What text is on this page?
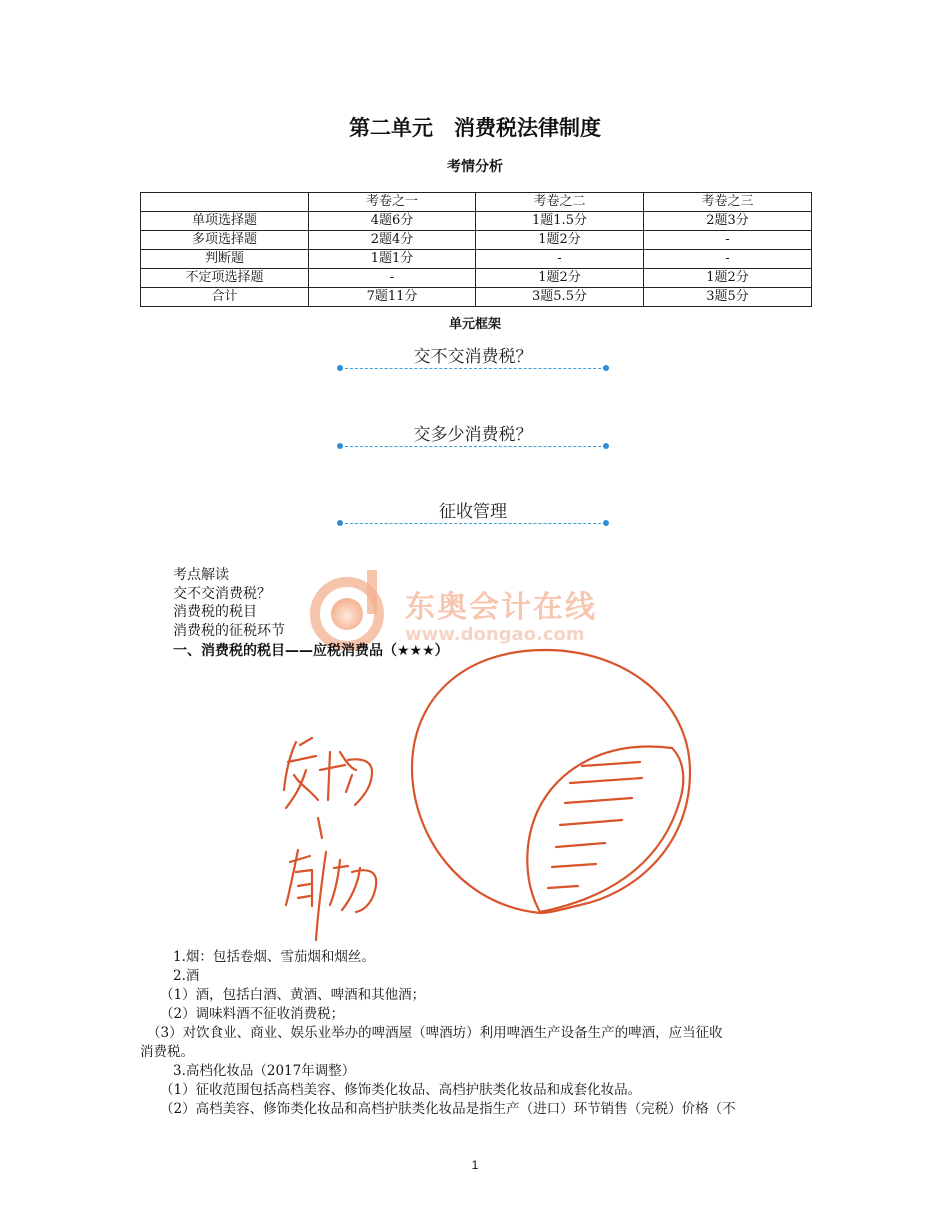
第二单元　消费税法律制度
考情分析
	考卷之一	考卷之二	考卷之三
单项选择题	4题6分	1题1.5分	2题3分
多项选择题	2题4分	1题2分	-
判断题	1题1分	-	-
不定项选择题	-	1题2分	1题2分
合计	7题11分	3题5.5分	3题5分
单元框架
交不交消费税？
交多少消费税？
征收管理
东奥会计在线
www.dongao.com
考点解读
交不交消费税？
消费税的税目
消费税的征税环节
一、消费税的税目——应税消费品（★★★）
1.烟：包括卷烟、雪茄烟和烟丝。
2.酒
（1）酒，包括白酒、黄酒、啤酒和其他酒；
（2）调味料酒不征收消费税；
（3）对饮食业、商业、娱乐业举办的啤酒屋（啤酒坊）利用啤酒生产设备生产的啤酒，应当征收
消费税。
3.高档化妆品（2017年调整）
（1）征收范围包括高档美容、修饰类化妆品、高档护肤类化妆品和成套化妆品。
（2）高档美容、修饰类化妆品和高档护肤类化妆品是指生产（进口）环节销售（完税）价格（不
1
